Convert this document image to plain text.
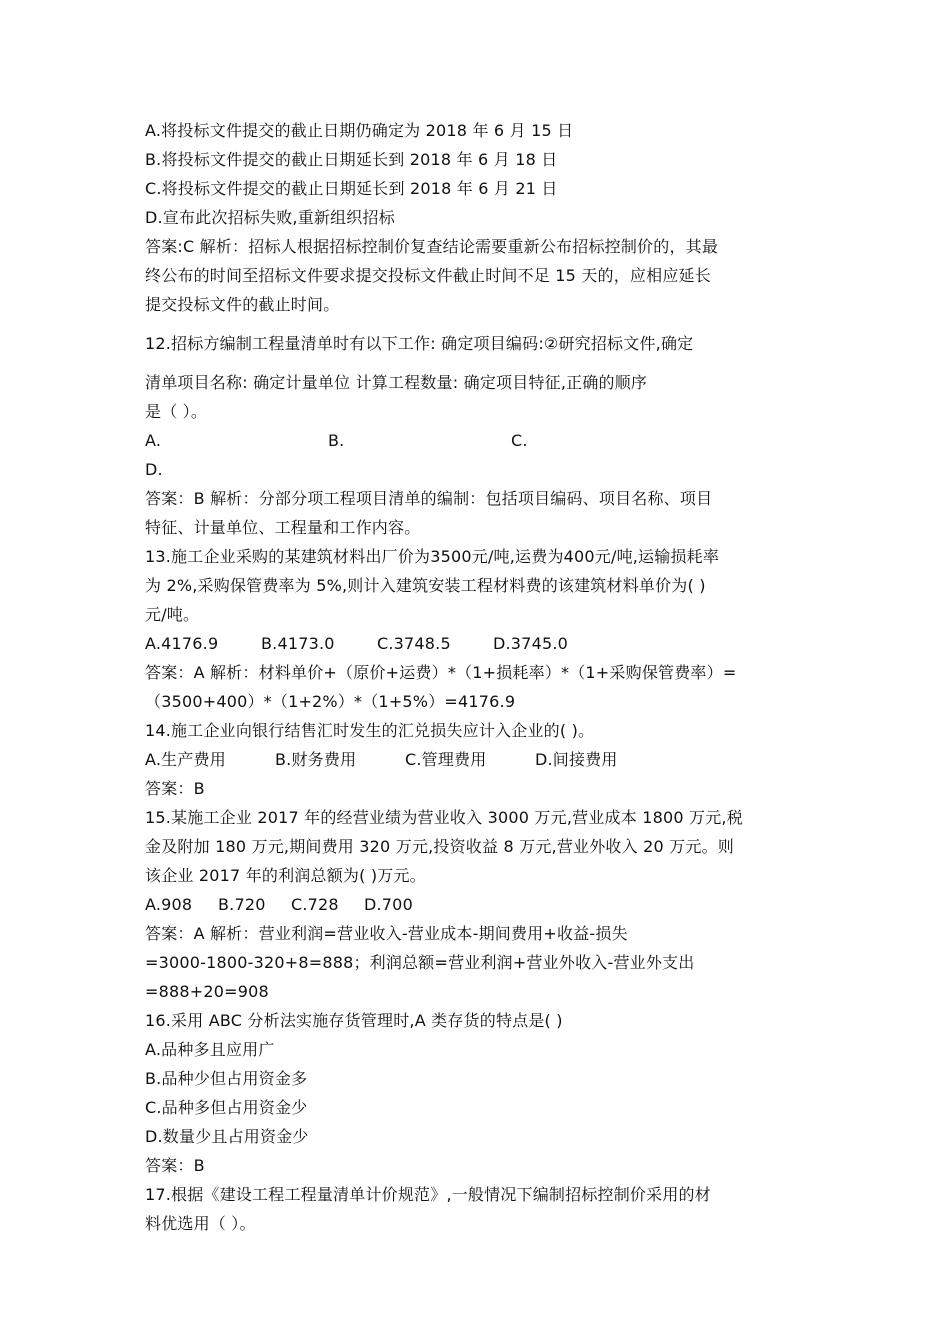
A.将投标文件提交的截止日期仍确定为 2018 年 6 月 15 日
B.将投标文件提交的截止日期延长到 2018 年 6 月 18 日
C.将投标文件提交的截止日期延长到 2018 年 6 月 21 日
D.宣布此次招标失败,重新组织招标
答案:C 解析：招标人根据招标控制价复查结论需要重新公布招标控制价的，其最
终公布的时间至招标文件要求提交投标文件截止时间不足 15 天的，应相应延长
提交投标文件的截止时间。
12.招标方编制工程量清单时有以下工作: 确定项目编码:②研究招标文件,确定
清单项目名称: 确定计量单位 计算工程数量: 确定项目特征,正确的顺序
是（ ）。
A.	B.	C.
D.
答案：B 解析：分部分项工程项目清单的编制：包括项目编码、项目名称、项目
特征、计量单位、工程量和工作内容。
13.施工企业采购的某建筑材料出厂价为3500元/吨,运费为400元/吨,运输损耗率
为 2%,采购保管费率为 5%,则计入建筑安装工程材料费的该建筑材料单价为( )
元/吨。
A.4176.9	B.4173.0	C.3748.5	D.3745.0
答案：A 解析：材料单价+（原价+运费）*（1+损耗率）*（1+采购保管费率）=
（3500+400）*（1+2%）*（1+5%）=4176.9
14.施工企业向银行结售汇时发生的汇兑损失应计入企业的( )。
A.生产费用	B.财务费用	C.管理费用	D.间接费用
答案：B
15.某施工企业 2017 年的经营业绩为营业收入 3000 万元,营业成本 1800 万元,税
金及附加 180 万元,期间费用 320 万元,投资收益 8 万元,营业外收入 20 万元。则
该企业 2017 年的利润总额为( )万元。
A.908	B.720	C.728	D.700
答案：A 解析：营业利润=营业收入-营业成本-期间费用+收益-损失
=3000-1800-320+8=888；利润总额=营业利润+营业外收入-营业外支出
=888+20=908
16.采用 ABC 分析法实施存货管理时,A 类存货的特点是( )
A.品种多且应用广
B.品种少但占用资金多
C.品种多但占用资金少
D.数量少且占用资金少
答案：B
17.根据《建设工程工程量清单计价规范》,一般情况下编制招标控制价采用的材
料优选用（ ）。
